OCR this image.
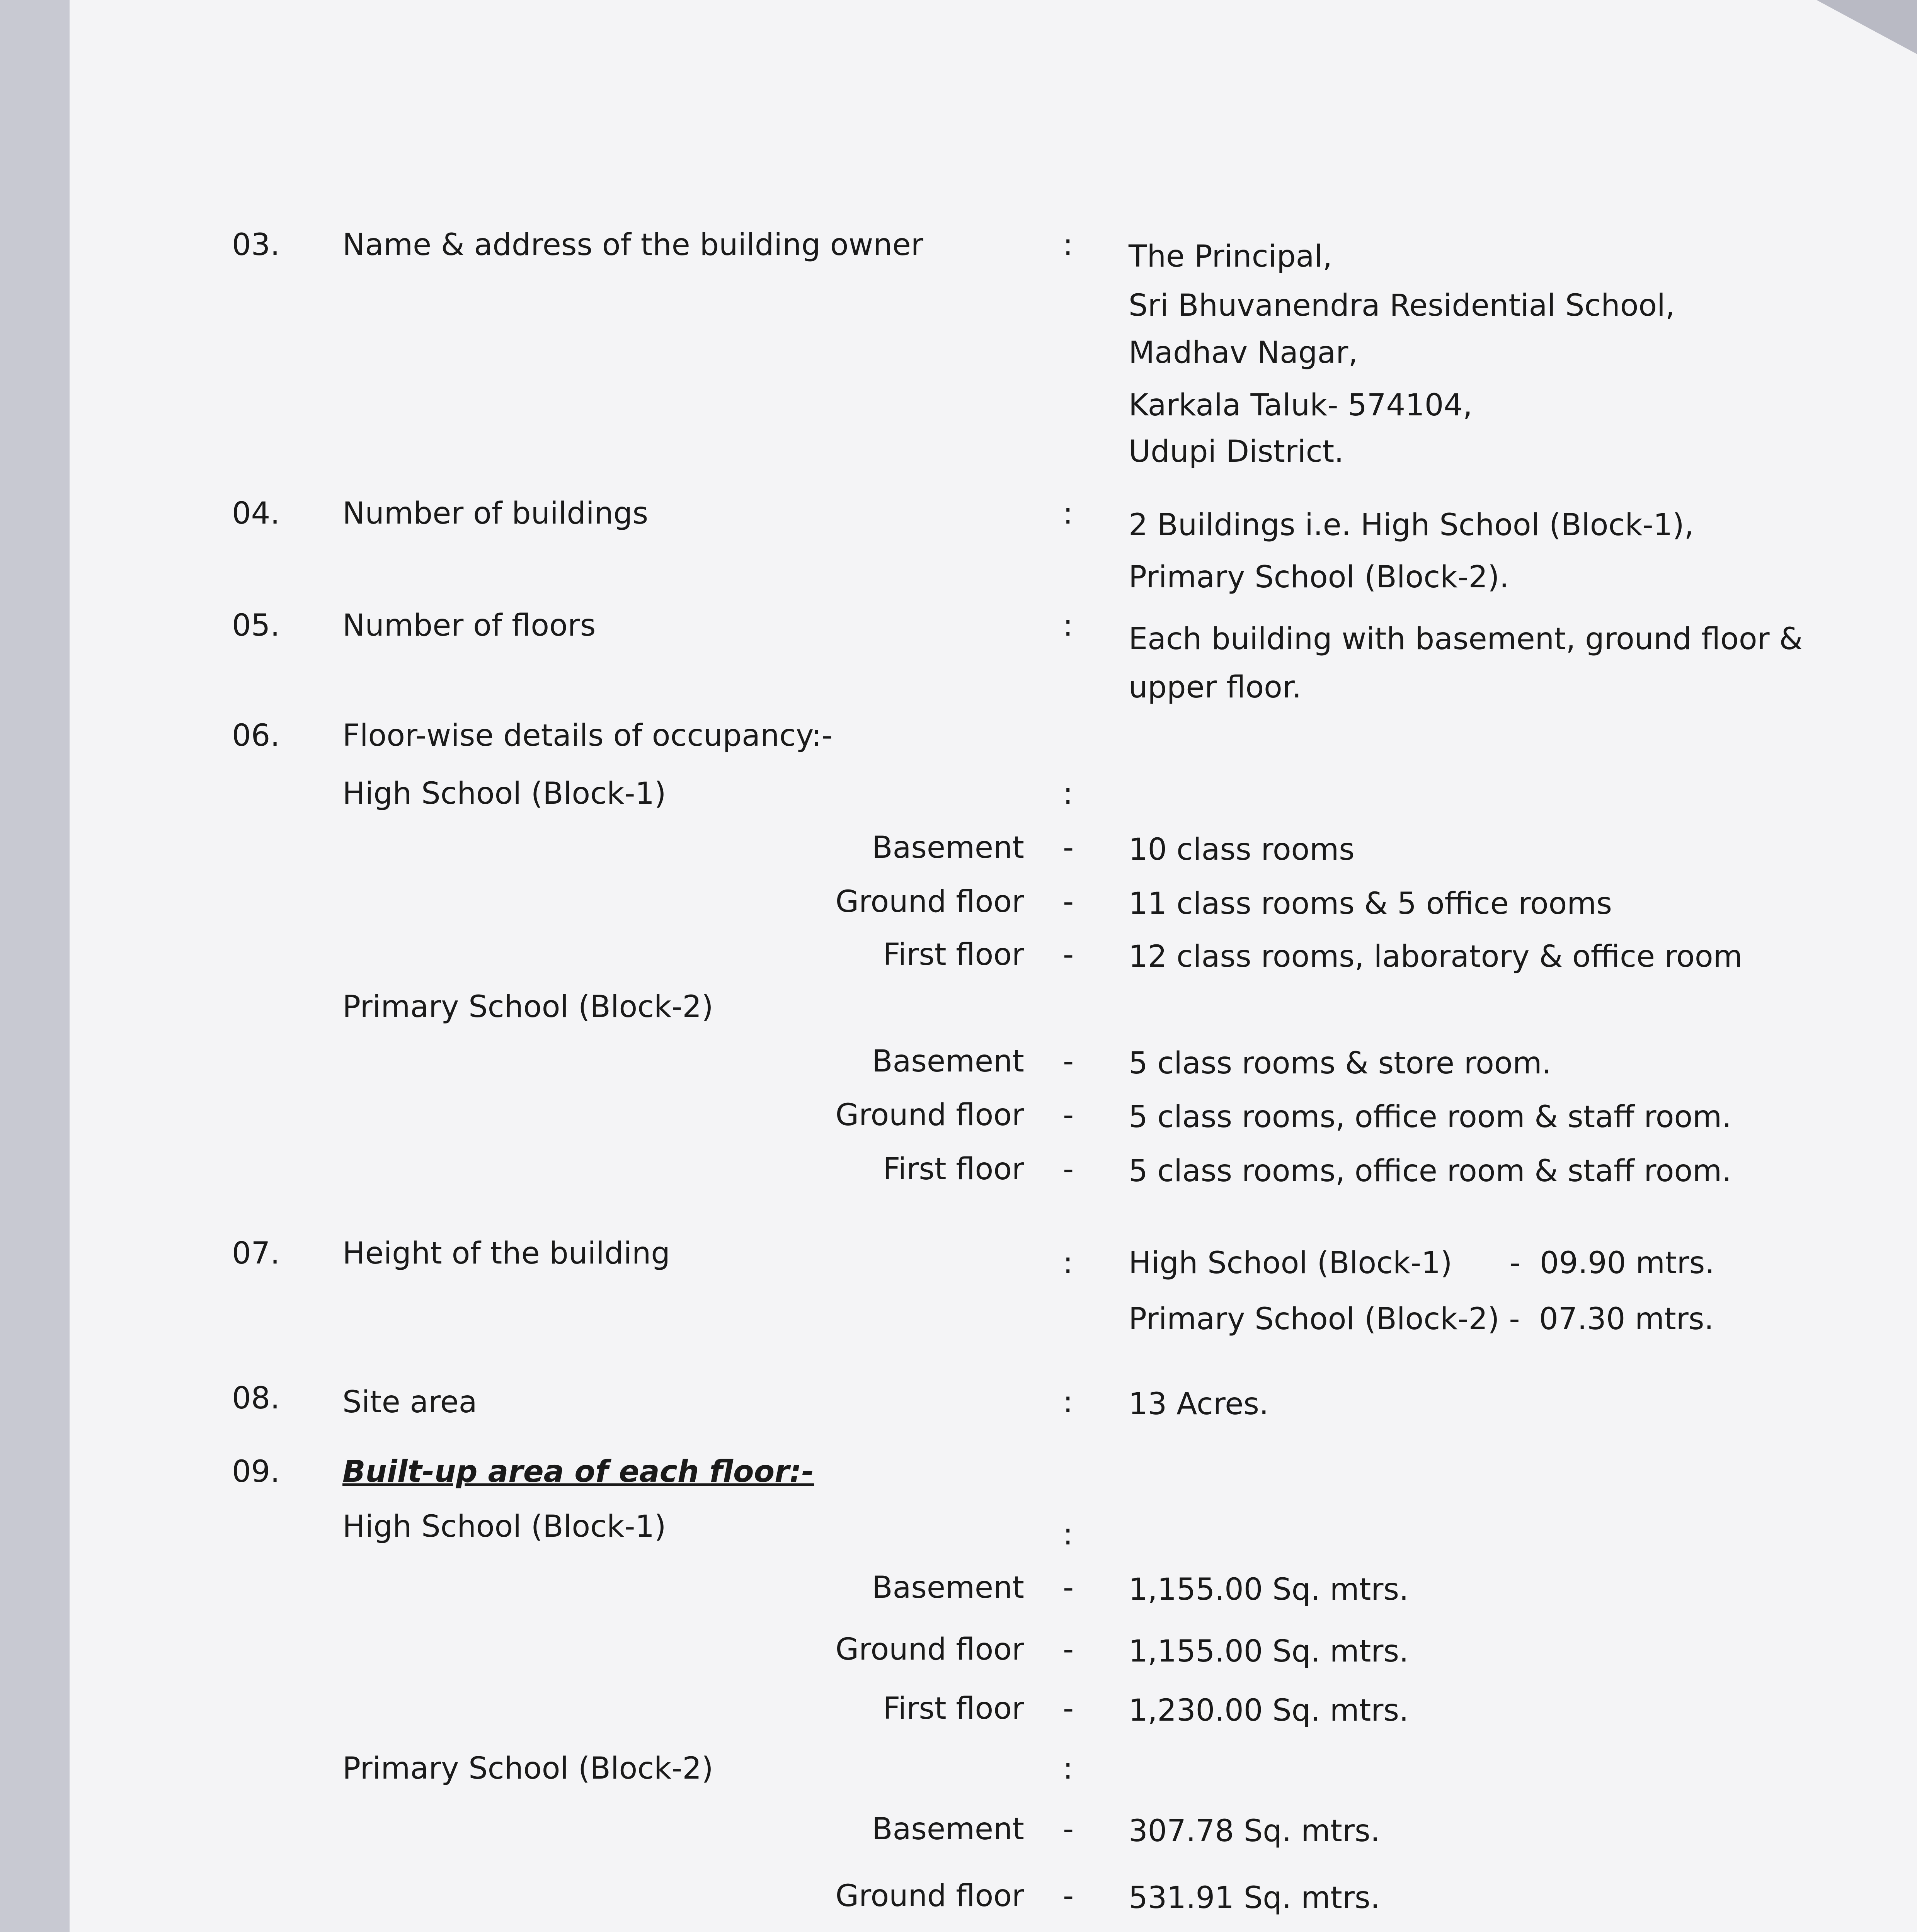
03. Name & address of the building owner	: The Principal,
Sri Bhuvanendra Residential School,
Madhav Nagar,
Karkala Taluk- 574104,
Udupi District.
04. Number of buildings	: 2 Buildings i.e. High School (Block-1),
Primary School (Block-2).
05. Number of floors	: Each building with basement, ground floor &
upper floor.
06. Floor-wise details of occupancy:-
High School (Block-1)	:
Basement - 10 class rooms
Ground floor - 11 class rooms & 5 office rooms
First floor - 12 class rooms, laboratory & office room
Primary School (Block-2)
Basement - 5 class rooms & store room.
Ground floor - 5 class rooms, office room & staff room.
First floor - 5 class rooms, office room & staff room.
07. Height of the building	: High School (Block-1)      -  09.90 mtrs.
Primary School (Block-2) -  07.30 mtrs.
08. Site area	: 13 Acres.
09. Built-up area of each floor:-
High School (Block-1)	:
Basement - 1,155.00 Sq. mtrs.
Ground floor - 1,155.00 Sq. mtrs.
First floor - 1,230.00 Sq. mtrs.
Primary School (Block-2)	:
Basement - 307.78 Sq. mtrs.
Ground floor - 531.91 Sq. mtrs.
